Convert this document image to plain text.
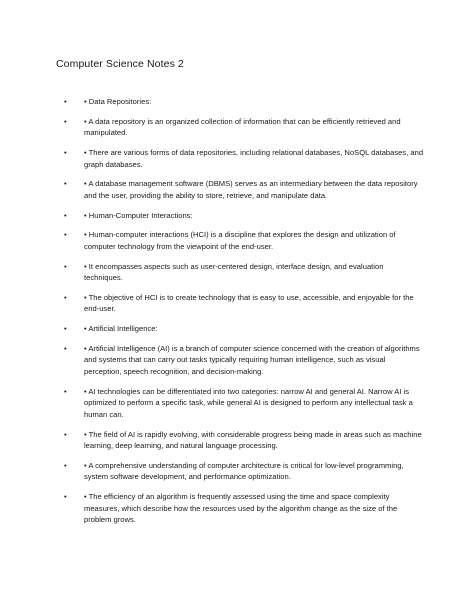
Computer Science Notes 2
• • Data Repositories:
• • A data repository is an organized collection of information that can be efficiently retrieved and manipulated.
• • There are various forms of data repositories, including relational databases, NoSQL databases, and graph databases.
• • A database management software (DBMS) serves as an intermediary between the data repository and the user, providing the ability to store, retrieve, and manipulate data.
• • Human-Computer Interactions:
• • Human-computer interactions (HCI) is a discipline that explores the design and utilization of computer technology from the viewpoint of the end-user.
• • It encompasses aspects such as user-centered design, interface design, and evaluation techniques.
• • The objective of HCI is to create technology that is easy to use, accessible, and enjoyable for the end-user.
• • Artificial Intelligence:
• • Artificial Intelligence (AI) is a branch of computer science concerned with the creation of algorithms and systems that can carry out tasks typically requiring human intelligence, such as visual perception, speech recognition, and decision-making.
• • AI technologies can be differentiated into two categories: narrow AI and general AI. Narrow AI is optimized to perform a specific task, while general AI is designed to perform any intellectual task a human can.
• • The field of AI is rapidly evolving, with considerable progress being made in areas such as machine learning, deep learning, and natural language processing.
• • A comprehensive understanding of computer architecture is critical for low-level programming, system software development, and performance optimization.
• • The efficiency of an algorithm is frequently assessed using the time and space complexity measures, which describe how the resources used by the algorithm change as the size of the problem grows.
